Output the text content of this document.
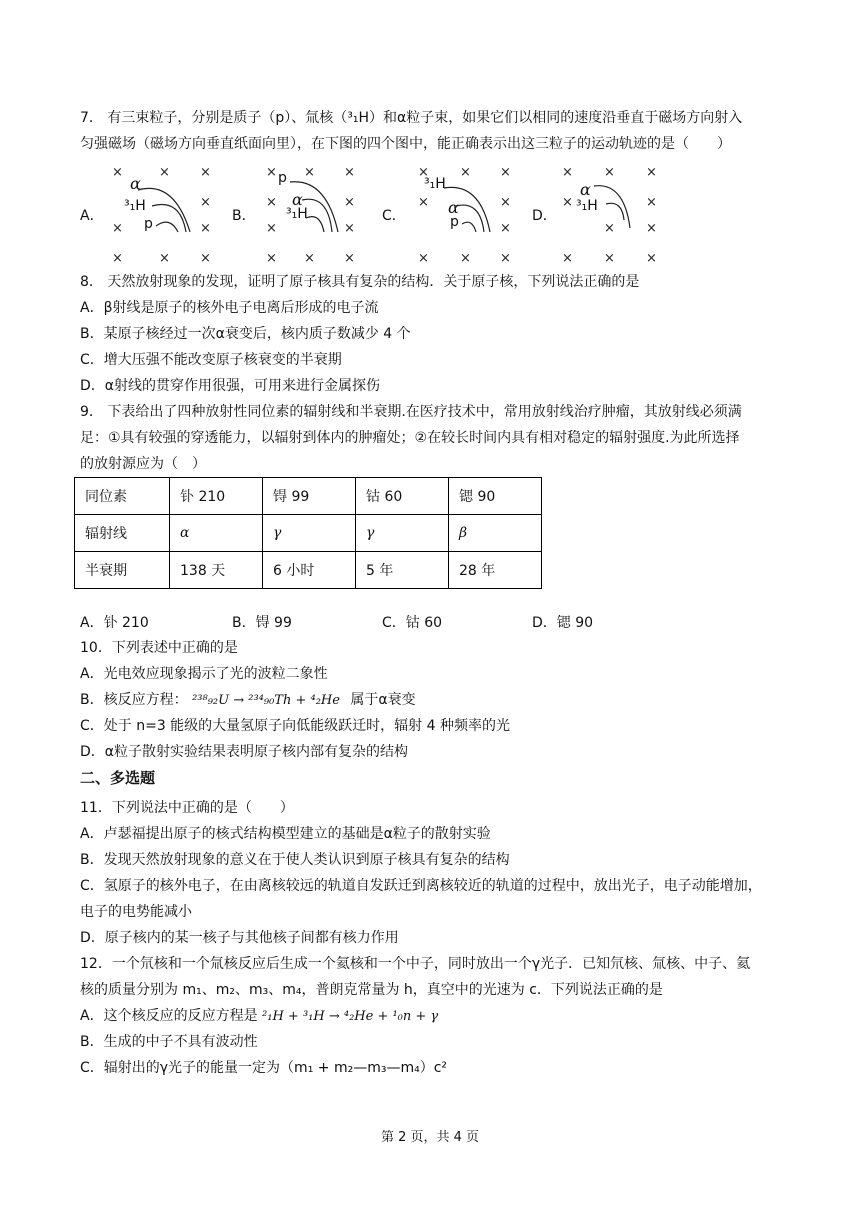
7． 有三束粒子，分别是质子（p）、氚核（³₁H）和α粒子束，如果它们以相同的速度沿垂直于磁场方向射入
匀强磁场（磁场方向垂直纸面向里），在下图的四个图中，能正确表示出这三粒子的运动轨迹的是（　　）
A．
×	× ×
×
×	×
×	× ×
α
³₁H
p	B．
× × ×
×	×
×	×
× × ×
p
α
³₁H	C．
× × ×
×	×
×
× × ×
³₁H
α
p	D．
× × ×
×	×
× ×
× × ×
α
³₁H
8． 天然放射现象的发现，证明了原子核具有复杂的结构．关于原子核，下列说法正确的是
A．β射线是原子的核外电子电离后形成的电子流
B．某原子核经过一次α衰变后，核内质子数减少 4 个
C．增大压强不能改变原子核衰变的半衰期
D．α射线的贯穿作用很强，可用来进行金属探伤
9． 下表给出了四种放射性同位素的辐射线和半衰期.在医疗技术中，常用放射线治疗肿瘤，其放射线必须满
足：①具有较强的穿透能力，以辐射到体内的肿瘤处；②在较长时间内具有相对稳定的辐射强度.为此所选择
的放射源应为（　）
同位素	钋 210	锝 99	钴 60	锶 90
辐射线	α	γ	γ	β
半衰期	138 天	6 小时	5 年	28 年
A．钋 210	B．锝 99	C．钴 60	D．锶 90
10．下列表述中正确的是
A．光电效应现象揭示了光的波粒二象性
B．核反应方程： ²³⁸₉₂U → ²³⁴₉₀Th + ⁴₂He 属于α衰变
C．处于 n=3 能级的大量氢原子向低能级跃迁时，辐射 4 种频率的光
D．α粒子散射实验结果表明原子核内部有复杂的结构
二、多选题
11．下列说法中正确的是（　　）
A．卢瑟福提出原子的核式结构模型建立的基础是α粒子的散射实验
B．发现天然放射现象的意义在于使人类认识到原子核具有复杂的结构
C．氢原子的核外电子，在由离核较远的轨道自发跃迁到离核较近的轨道的过程中，放出光子，电子动能增加，
电子的电势能减小
D．原子核内的某一核子与其他核子间都有核力作用
12．一个氘核和一个氚核反应后生成一个氦核和一个中子，同时放出一个γ光子．已知氘核、氚核、中子、氦
核的质量分别为 m₁、m₂、m₃、m₄，普朗克常量为 h，真空中的光速为 c．下列说法正确的是
A．这个核反应的反应方程是 ²₁H + ³₁H → ⁴₂He + ¹₀n + γ
B．生成的中子不具有波动性
C．辐射出的γ光子的能量一定为（m₁ + m₂—m₃—m₄）c²
第 2 页，共 4 页
